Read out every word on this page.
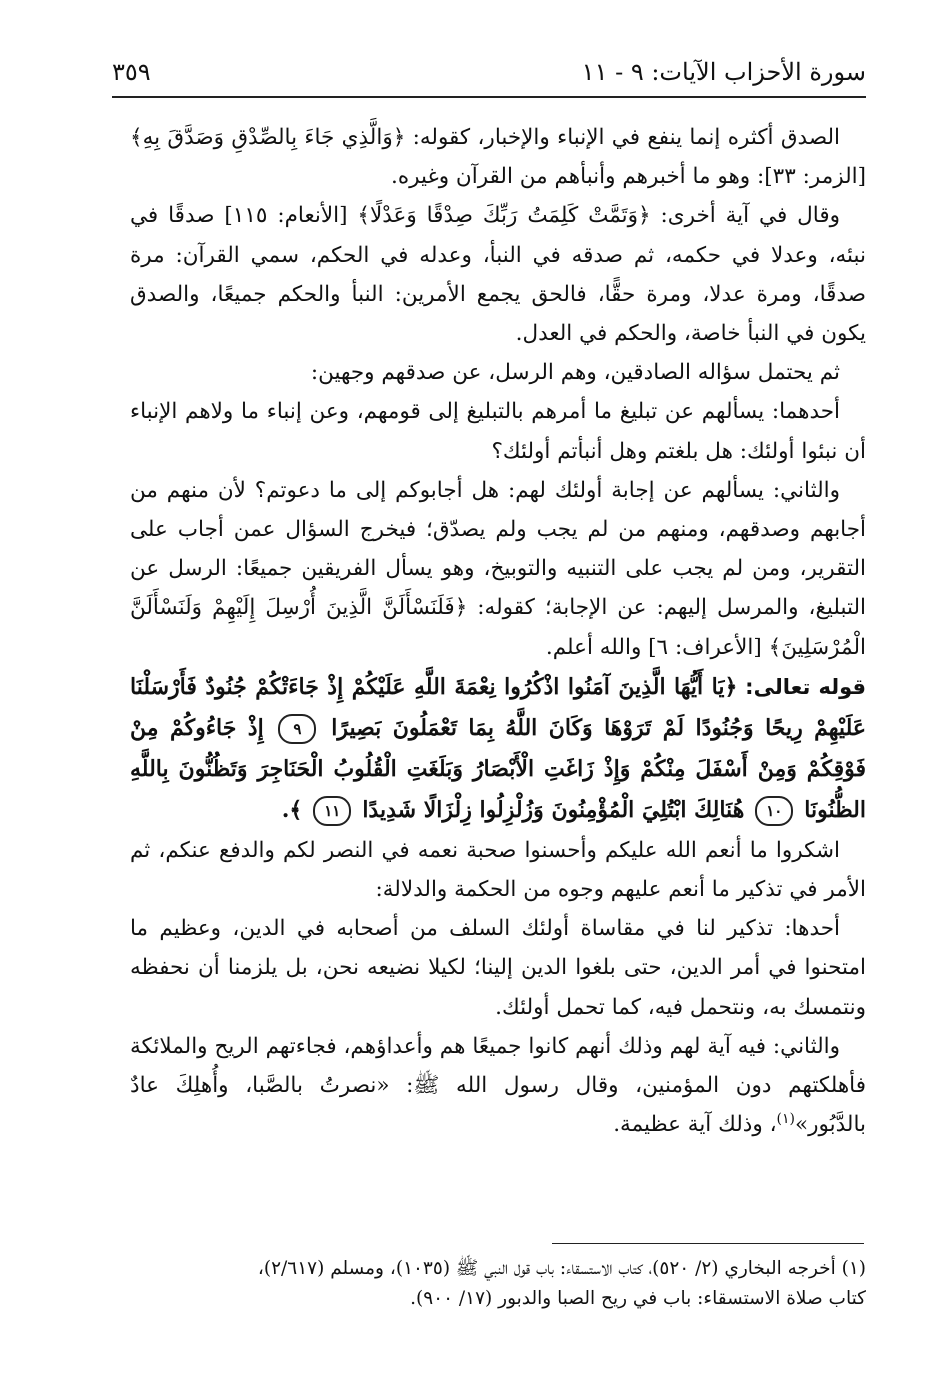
سورة الأحزاب الآيات: ٩ - ١١
٣٥٩

الصدق أكثره إنما ينفع في الإنباء والإخبار، كقوله: ﴿وَالَّذِي جَاءَ بِالصِّدْقِ وَصَدَّقَ بِهِ﴾ [الزمر: ٣٣]: وهو ما أخبرهم وأنبأهم من القرآن وغيره.

وقال في آية أخرى: ﴿وَتَمَّتْ كَلِمَتُ رَبِّكَ صِدْقًا وَعَدْلًا﴾ [الأنعام: ١١٥] صدقًا في نبئه، وعدلا في حكمه، ثم صدقه في النبأ، وعدله في الحكم، سمي القرآن: مرة صدقًا، ومرة عدلا، ومرة حقًّا، فالحق يجمع الأمرين: النبأ والحكم جميعًا، والصدق يكون في النبأ خاصة، والحكم في العدل.

ثم يحتمل سؤاله الصادقين، وهم الرسل، عن صدقهم وجهين:

أحدهما: يسألهم عن تبليغ ما أمرهم بالتبليغ إلى قومهم، وعن إنباء ما ولاهم الإنباء أن نبئوا أولئك: هل بلغتم وهل أنبأتم أولئك؟

والثاني: يسألهم عن إجابة أولئك لهم: هل أجابوكم إلى ما دعوتم؟ لأن منهم من أجابهم وصدقهم، ومنهم من لم يجب ولم يصدّق؛ فيخرج السؤال عمن أجاب على التقرير، ومن لم يجب على التنبيه والتوبيخ، وهو يسأل الفريقين جميعًا: الرسل عن التبليغ، والمرسل إليهم: عن الإجابة؛ كقوله: ﴿فَلَنَسْأَلَنَّ الَّذِينَ أُرْسِلَ إِلَيْهِمْ وَلَنَسْأَلَنَّ الْمُرْسَلِينَ﴾ [الأعراف: ٦] والله أعلم.

قوله تعالى: ﴿يَا أَيُّهَا الَّذِينَ آمَنُوا اذْكُرُوا نِعْمَةَ اللَّهِ عَلَيْكُمْ إِذْ جَاءَتْكُمْ جُنُودٌ فَأَرْسَلْنَا عَلَيْهِمْ رِيحًا وَجُنُودًا لَمْ تَرَوْهَا وَكَانَ اللَّهُ بِمَا تَعْمَلُونَ بَصِيرًا ٩ إِذْ جَاءُوكُمْ مِنْ فَوْقِكُمْ وَمِنْ أَسْفَلَ مِنْكُمْ وَإِذْ زَاغَتِ الْأَبْصَارُ وَبَلَغَتِ الْقُلُوبُ الْحَنَاجِرَ وَتَظُنُّونَ بِاللَّهِ الظُّنُونَا ١٠ هُنَالِكَ ابْتُلِيَ الْمُؤْمِنُونَ وَزُلْزِلُوا زِلْزَالًا شَدِيدًا ١١ ﴾.

اشكروا ما أنعم الله عليكم وأحسنوا صحبة نعمه في النصر لكم والدفع عنكم، ثم الأمر في تذكير ما أنعم عليهم وجوه من الحكمة والدلالة:

أحدها: تذكير لنا في مقاساة أولئك السلف من أصحابه في الدين، وعظيم ما امتحنوا في أمر الدين، حتى بلغوا الدين إلينا؛ لكيلا نضيعه نحن، بل يلزمنا أن نحفظه ونتمسك به، ونتحمل فيه، كما تحمل أولئك.

والثاني: فيه آية لهم وذلك أنهم كانوا جميعًا هم وأعداؤهم، فجاءتهم الريح والملائكة فأهلكتهم دون المؤمنين، وقال رسول الله ﷺ: «نصرتُ بالصَّبا، وأُهلِكَ عادٌ بالدَّبُور»$^{(١)}$، وذلك آية عظيمة.

(١) أخرجه البخاري (٢/ ٥٢٠)، كتاب الاستسقاء: باب قول النبي ﷺ (١٠٣٥)، ومسلم (٢/٦١٧)،

كتاب صلاة الاستسقاء: باب في ريح الصبا والدبور (١٧/ ٩٠٠).
